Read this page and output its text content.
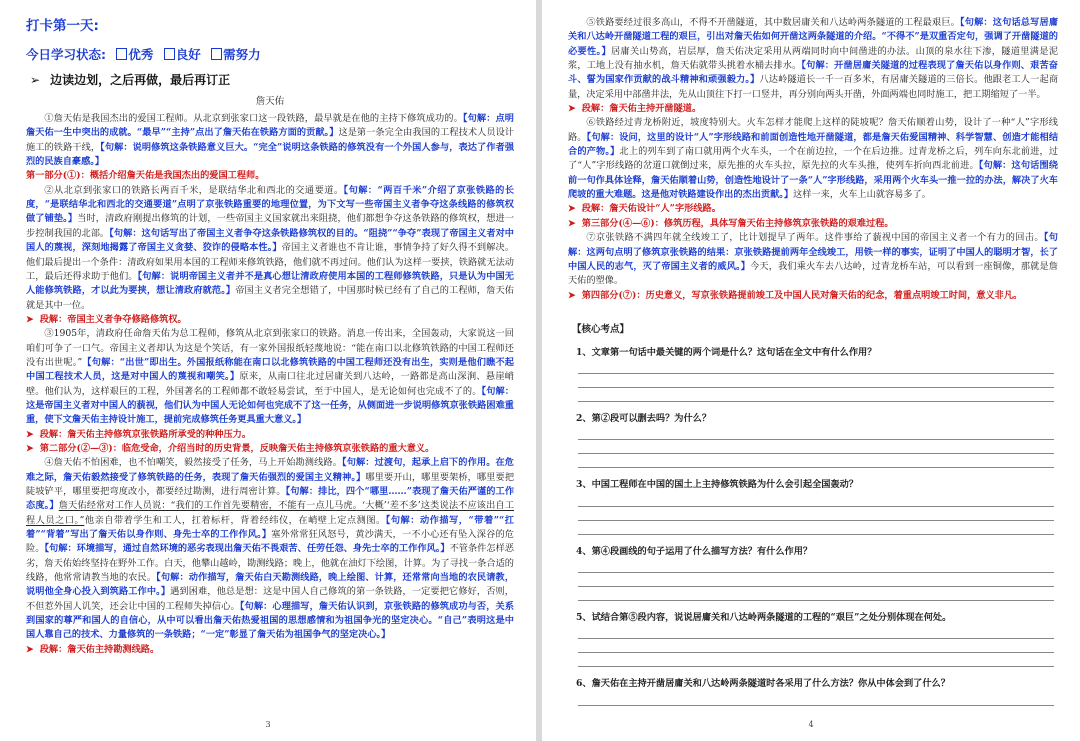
打卡第一天:
今日学习状态: 优秀 良好 需努力
➢ 边读边划，之后再做，最后再订正
詹天佑

①詹天佑是我国杰出的爱国工程师。从北京到张家口这一段铁路，最早就是在他的主持下修筑成功的。【句解：点明詹天佑一生中突出的成就。“最早”“主持”点出了詹天佑在铁路方面的贡献。】这是第一条完全由我国的工程技术人员设计施工的铁路干线，【句解：说明修筑这条铁路意义巨大。“完全”说明这条铁路的修筑没有一个外国人参与，表达了作者强烈的民族自豪感。】

第一部分(①)：概括介绍詹天佑是我国杰出的爱国工程师。

②从北京到张家口的铁路长两百千米，是联结华北和西北的交通要道。【句解：“两百千米”介绍了京张铁路的长度，“是联结华北和西北的交通要道”点明了京张铁路重要的地理位置，为下文写一些帝国主义者争夺这条线路的修筑权做了铺垫。】当时，清政府刚提出修筑的计划，一些帝国主义国家就出来阻挠，他们都想争夺这条铁路的修筑权，想进一步控制我国的北部。【句解：这句话写出了帝国主义者争夺这条铁路修筑权的目的。“阻挠”“争夺”表现了帝国主义者对中国人的蔑视，深刻地揭露了帝国主义贪婪、狡诈的侵略本性。】帝国主义者谁也不肯让谁，事情争持了好久得不到解决。他们最后提出一个条件：清政府如果用本国的工程师来修筑铁路，他们就不再过问。他们认为这样一要挟，铁路就无法动工，最后还得求助于他们。【句解：说明帝国主义者并不是真心想让清政府使用本国的工程师修筑铁路，只是认为中国无人能修筑铁路，才以此为要挟，想让清政府就范。】帝国主义者完全想错了，中国那时候已经有了自己的工程师，詹天佑就是其中一位。

➤ 段解：帝国主义者争夺修路修筑权。

③1905年，清政府任命詹天佑为总工程师，修筑从北京到张家口的铁路。消息一传出来，全国轰动，大家说这一回咱们可争了一口气。帝国主义者却认为这是个笑话，有一家外国报纸轻蔑地说：“能在南口以北修筑铁路的中国工程师还没有出世呢。”【句解：“出世”即出生。外国报纸称能在南口以北修筑铁路的中国工程师还没有出生，实则是他们瞧不起中国工程技术人员，这是对中国人的蔑视和嘲笑。】原来，从南口往北过居庸关到八达岭，一路都是高山深涧、悬崖峭壁。他们认为，这样艰巨的工程，外国著名的工程师都不敢轻易尝试，至于中国人，是无论如何也完成不了的。【句解：这是帝国主义者对中国人的藐视，他们认为中国人无论如何也完成不了这一任务，从侧面进一步说明修筑京张铁路困难重重，使下文詹天佑主持设计施工，提前完成修筑任务更具重大意义。】

➤ 段解：詹天佑主持修筑京张铁路所承受的种种压力。

➤ 第二部分(②—③)：临危受命，介绍当时的历史背景，反映詹天佑主持修筑京张铁路的重大意义。

④詹天佑不怕困难，也不怕嘲笑，毅然接受了任务，马上开始勘测线路。【句解：过渡句，起承上启下的作用。在危难之际，詹天佑毅然接受了修筑铁路的任务，表现了詹天佑强烈的爱国主义精神。】哪里要开山，哪里要架桥，哪里要把陡坡铲平，哪里要把弯度改小，都要经过勘测，进行周密计算。【句解：排比，四个“哪里……”表现了詹天佑严谨的工作态度。】詹天佑经常对工作人员说：“我们的工作首先要精密，不能有一点儿马虎。‘大概’‘差不多’这类说法不应该出自工程人员之口。”他亲自带着学生和工人，扛着标杆，背着经纬仪，在峭壁上定点测图。【句解：动作描写，“带着”“扛着”“背着”写出了詹天佑以身作则、身先士卒的工作作风。】塞外常常狂风怒号，黄沙满天，一不小心还有坠入深谷的危险。【句解：环境描写，通过自然环境的恶劣表现出詹天佑不畏艰苦、任劳任怨、身先士卒的工作作风。】不管条件怎样恶劣，詹天佑始终坚持在野外工作。白天，他攀山越岭，勘测线路；晚上，他就在油灯下绘图，计算。为了寻找一条合适的线路，他常常请教当地的农民。【句解：动作描写，詹天佑白天勘测线路，晚上绘图、计算，还常常向当地的农民请教，说明他全身心投入到筑路工作中。】遇到困难，他总是想：这是中国人自己修筑的第一条铁路，一定要把它修好，否则，不但惹外国人讥笑，还会让中国的工程师失掉信心。【句解：心理描写，詹天佑认识到，京张铁路的修筑成功与否，关系到国家的尊严和国人的自信心，从中可以看出詹天佑热爱祖国的思想感情和为祖国争光的坚定决心。“自己”表明这是中国人靠自己的技术、力量修筑的一条铁路；“一定”彰显了詹天佑为祖国争气的坚定决心。】

➤ 段解：詹天佑主持勘测线路。

3

⑤铁路要经过很多高山，不得不开凿隧道，其中数居庸关和八达岭两条隧道的工程最艰巨。【句解：这句话总写居庸关和八达岭开凿隧道工程的艰巨，引出对詹天佑如何开凿这两条隧道的介绍。“不得不”是双重否定句，强调了开凿隧道的必要性。】居庸关山势高，岩层厚，詹天佑决定采用从两端同时向中间凿进的办法。山顶的泉水往下渗，隧道里满是泥浆，工地上没有抽水机，詹天佑就带头挑着水桶去排水。【句解：开凿居庸关隧道的过程表现了詹天佑以身作则、艰苦奋斗、誓为国家作贡献的战斗精神和顽强毅力。】八达岭隧道长一千一百多米，有居庸关隧道的三倍长。他跟老工人一起商量，决定采用中部凿井法，先从山顶往下打一口竖井，再分别向两头开凿，外面两端也同时施工，把工期缩短了一半。

➤ 段解：詹天佑主持开凿隧道。

⑥铁路经过青龙桥附近，坡度特别大。火车怎样才能爬上这样的陡坡呢？詹天佑顺着山势，设计了一种“人”字形线路。【句解：设问，这里的设计“人”字形线路和前面创造性地开凿隧道，都是詹天佑爱国精神、科学智慧、创造才能相结合的产物。】北上的列车到了南口就用两个火车头，一个在前边拉，一个在后边推。过青龙桥之后，列车向东北前进，过了“人”字形线路的岔道口就倒过来，原先推的火车头拉，原先拉的火车头推，使列车折向西北前进。【句解：这句话围绕前一句作具体诠释，詹天佑顺着山势，创造性地设计了一条“人”字形线路，采用两个火车头一推一拉的办法，解决了火车爬坡的重大难题。这是他对铁路建设作出的杰出贡献。】这样一来，火车上山就容易多了。

➤ 段解：詹天佑设计“人”字形线路。

➤ 第三部分(④—⑥)：修筑历程，具体写詹天佑主持修筑京张铁路的艰难过程。

⑦京张铁路不满四年就全线竣工了，比计划提早了两年。这件事给了藐视中国的帝国主义者一个有力的回击。【句解：这两句点明了修筑京张铁路的结果：京张铁路提前两年全线竣工，用铁一样的事实，证明了中国人的聪明才智，长了中国人民的志气，灭了帝国主义者的威风。】今天，我们乘火车去八达岭，过青龙桥车站，可以看到一座铜像，那就是詹天佑的塑像。

➤ 第四部分(⑦)：历史意义，写京张铁路提前竣工及中国人民对詹天佑的纪念，着重点明竣工时间，意义非凡。

【核心考点】
1、文章第一句话中最关键的两个词是什么？这句话在全文中有什么作用？
2、第②段可以删去吗？为什么？
3、中国工程师在中国的国土上主持修筑铁路为什么会引起全国轰动？
4、第④段画线的句子运用了什么描写方法？有什么作用？
5、试结合第⑤段内容，说说居庸关和八达岭两条隧道的工程的“艰巨”之处分别体现在何处。
6、詹天佑在主持开凿居庸关和八达岭两条隧道时各采用了什么方法？你从中体会到了什么？
4
